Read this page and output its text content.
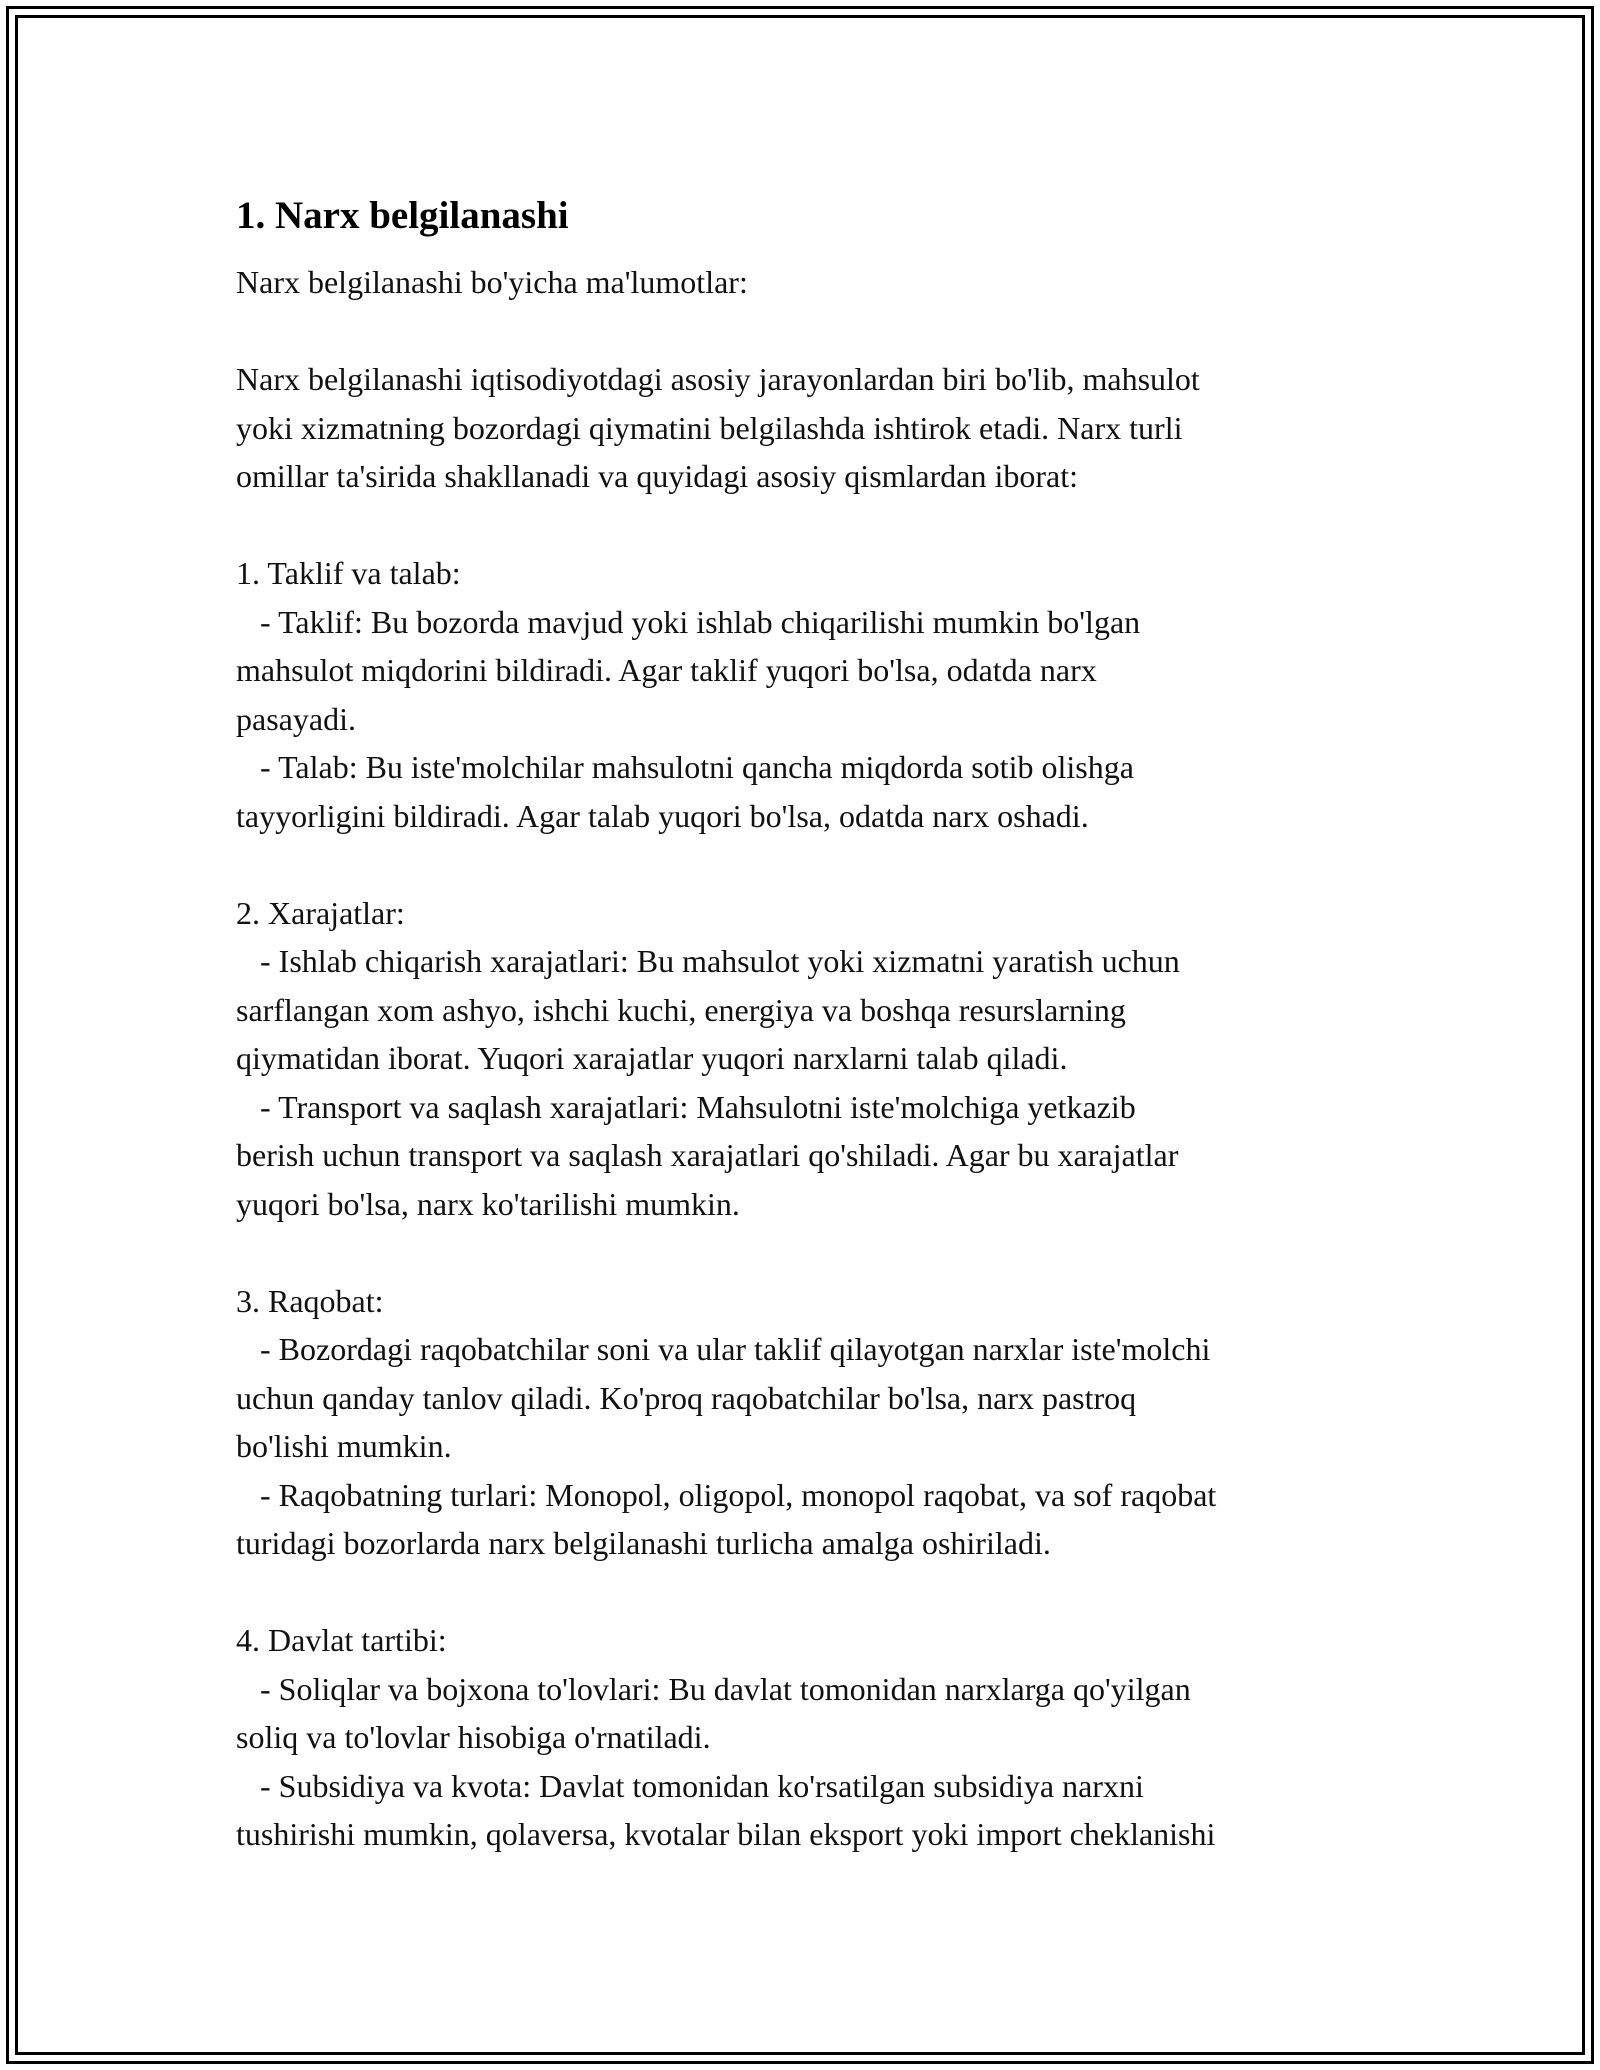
1. Narx belgilanashi
Narx belgilanashi bo'yicha ma'lumotlar:

Narx belgilanashi iqtisodiyotdagi asosiy jarayonlardan biri bo'lib, mahsulot
yoki xizmatning bozordagi qiymatini belgilashda ishtirok etadi. Narx turli
omillar ta'sirida shakllanadi va quyidagi asosiy qismlardan iborat:

1. Taklif va talab:
- Taklif: Bu bozorda mavjud yoki ishlab chiqarilishi mumkin bo'lgan
mahsulot miqdorini bildiradi. Agar taklif yuqori bo'lsa, odatda narx
pasayadi.
- Talab: Bu iste'molchilar mahsulotni qancha miqdorda sotib olishga
tayyorligini bildiradi. Agar talab yuqori bo'lsa, odatda narx oshadi.

2. Xarajatlar:
- Ishlab chiqarish xarajatlari: Bu mahsulot yoki xizmatni yaratish uchun
sarflangan xom ashyo, ishchi kuchi, energiya va boshqa resurslarning
qiymatidan iborat. Yuqori xarajatlar yuqori narxlarni talab qiladi.
- Transport va saqlash xarajatlari: Mahsulotni iste'molchiga yetkazib
berish uchun transport va saqlash xarajatlari qo'shiladi. Agar bu xarajatlar
yuqori bo'lsa, narx ko'tarilishi mumkin.

3. Raqobat:
- Bozordagi raqobatchilar soni va ular taklif qilayotgan narxlar iste'molchi
uchun qanday tanlov qiladi. Ko'proq raqobatchilar bo'lsa, narx pastroq
bo'lishi mumkin.
- Raqobatning turlari: Monopol, oligopol, monopol raqobat, va sof raqobat
turidagi bozorlarda narx belgilanashi turlicha amalga oshiriladi.

4. Davlat tartibi:
- Soliqlar va bojxona to'lovlari: Bu davlat tomonidan narxlarga qo'yilgan
soliq va to'lovlar hisobiga o'rnatiladi.
- Subsidiya va kvota: Davlat tomonidan ko'rsatilgan subsidiya narxni
tushirishi mumkin, qolaversa, kvotalar bilan eksport yoki import cheklanishi
